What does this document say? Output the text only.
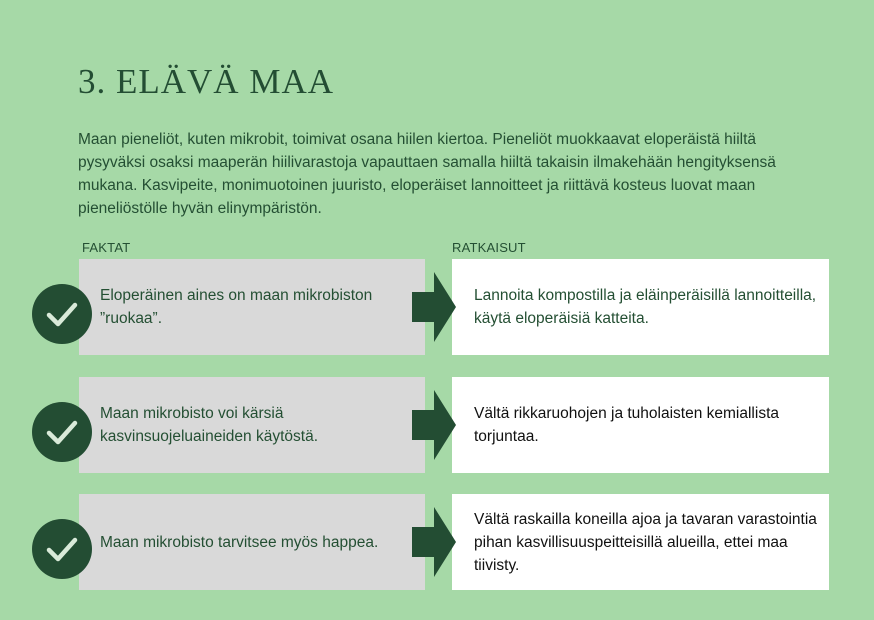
3. ELÄVÄ MAA

Maan pieneliöt, kuten mikrobit, toimivat osana hiilen kiertoa. Pieneliöt muokkaavat eloperäistä hiiltä pysyväksi osaksi maaperän hiilivarastoja vapauttaen samalla hiiltä takaisin ilmakehään hengityksensä mukana. Kasvipeite, monimuotoinen juuristo, eloperäiset lannoitteet ja riittävä kosteus luovat maan pieneliöstölle hyvän elinympäristön.

FAKTAT	RATKAISUT
Eloperäinen aines on maan mikrobiston ”ruokaa”.
Lannoita kompostilla ja eläinperäisillä lannoitteilla, käytä eloperäisiä katteita.
Maan mikrobisto voi kärsiä kasvinsuojeluaineiden käytöstä.
Vältä rikkaruohojen ja tuholaisten kemiallista torjuntaa.
Maan mikrobisto tarvitsee myös happea.
Vältä raskailla koneilla ajoa ja tavaran varastointia pihan kasvillisuuspeitteisillä alueilla, ettei maa tiivisty.
